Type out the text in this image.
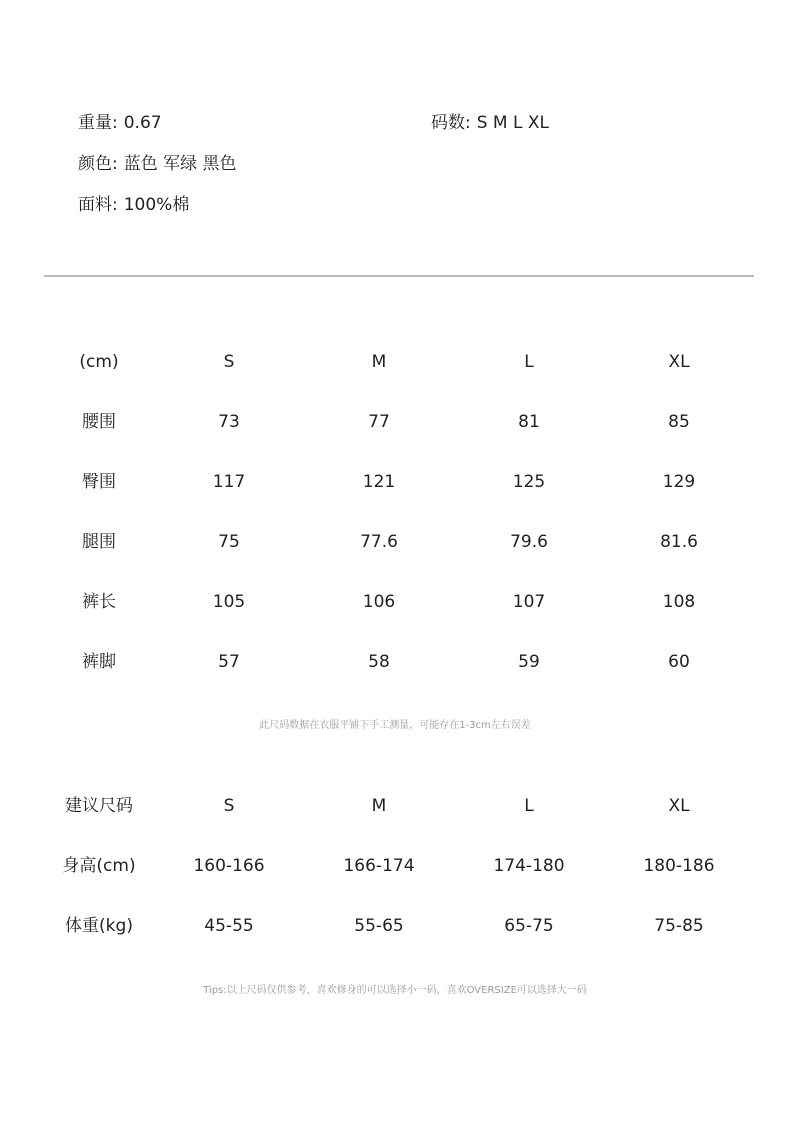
重量: 0.67	码数: S M L XL
颜色: 蓝色 军绿 黑色
面料: 100%棉
(cm)	S	M	L	XL
腰围	73	77	81	85
臀围	117	121	125	129
腿围	75	77.6	79.6	81.6
裤长	105	106	107	108
裤脚	57	58	59	60
此尺码数据在衣服平铺下手工测量，可能存在1-3cm左右误差
建议尺码	S	M	L	XL
身高(cm)	160-166	166-174	174-180	180-186
体重(kg)	45-55	55-65	65-75	75-85
Tips:以上尺码仅供参考，喜欢修身的可以选择小一码，喜欢OVERSIZE可以选择大一码
